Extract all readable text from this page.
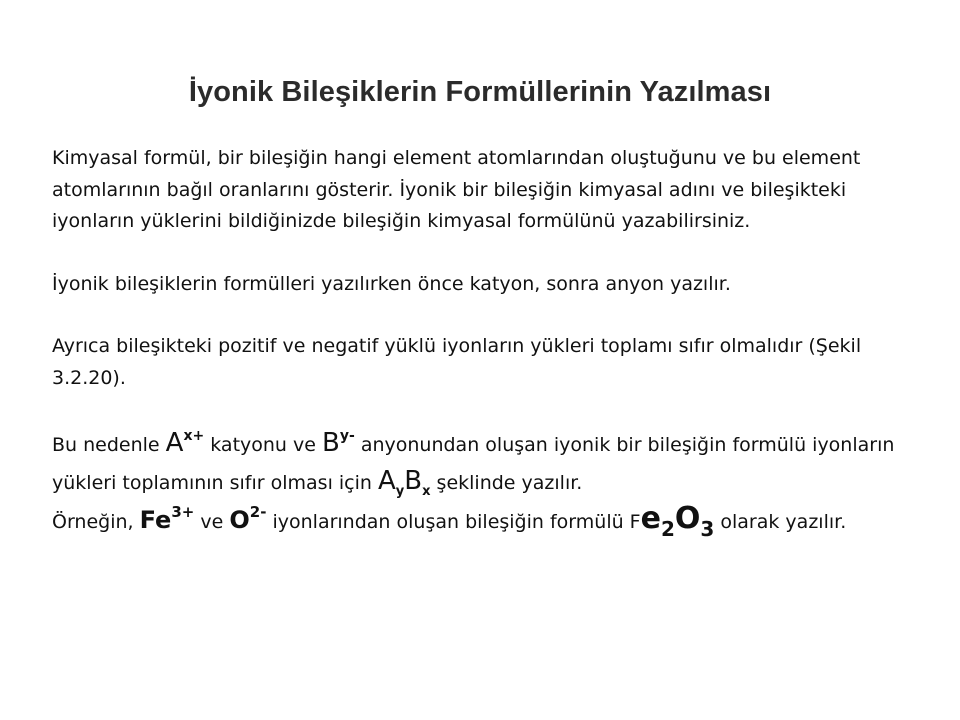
İyonik Bileşiklerin Formüllerinin Yazılması

Kimyasal formül, bir bileşiğin hangi element atomlarından oluştuğunu ve bu element atomlarının bağıl oranlarını gösterir. İyonik bir bileşiğin kimyasal adını ve bileşikteki iyonların yüklerini bildiğinizde bileşiğin kimyasal formülünü yazabilirsiniz.

İyonik bileşiklerin formülleri yazılırken önce katyon, sonra anyon yazılır.

Ayrıca bileşikteki pozitif ve negatif yüklü iyonların yükleri toplamı sıfır olmalıdır (Şekil 3.2.20).

Bu nedenle $A^{x+}$ katyonu ve $B^{y-}$ anyonundan oluşan iyonik bir bileşiğin formülü iyonların yükleri toplamının sıfır olması için $A_yB_x$ şeklinde yazılır.

Örneğin, $Fe^{3+}$ ve $O^{2-}$ iyonlarından oluşan bileşiğin formülü $Fe_2O_3$ olarak yazılır.
